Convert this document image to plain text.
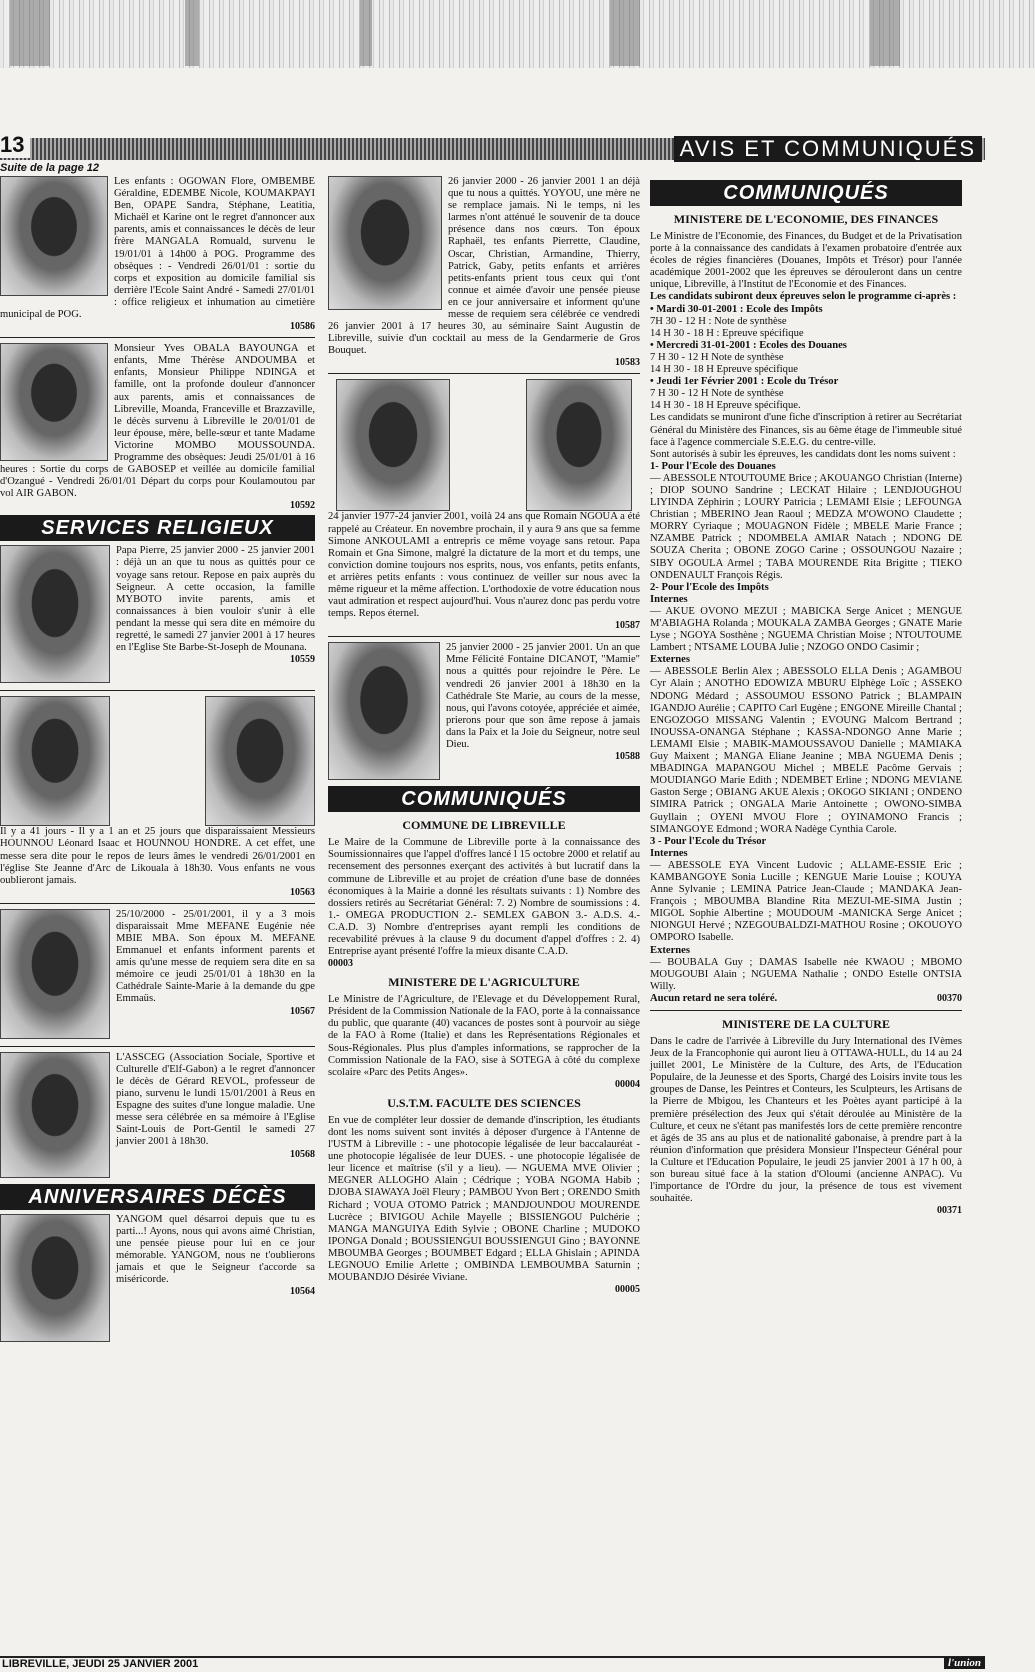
13	AVIS ET COMMUNIQUÉS
Suite de la page 12

Les enfants : OGOWAN Flore, OMBEMBE Géraldine, EDEMBE Nicole, KOUMAKPAYI Ben, OPAPE Sandra, Stéphane, Leatitia, Michaël et Karine ont le regret d'annoncer aux parents, amis et connaissances le décès de leur frère MANGALA Romuald, survenu le 19/01/01 à 14h00 à POG. Programme des obsèques : - Vendredi 26/01/01 : sortie du corps et exposition au domicile familial sis derrière l'Ecole Saint André - Samedi 27/01/01 : office religieux et inhumation au cimetière municipal de POG.

10586

Monsieur Yves OBALA BAYOUNGA et enfants, Mme Thérèse ANDOUMBA et enfants, Monsieur Philippe NDINGA et famille, ont la profonde douleur d'annoncer aux parents, amis et connaissances de Libreville, Moanda, Franceville et Brazzaville, le décès survenu à Libreville le 20/01/01 de leur épouse, mère, belle-sœur et tante Madame Victorine MOMBO MOUSSOUNDA. Programme des obsèques: Jeudi 25/01/01 à 16 heures : Sortie du corps de GABOSEP et veillée au domicile familial d'Ozangué - Vendredi 26/01/01 Départ du corps pour Koulamoutou par vol AIR GABON.

10592
SERVICES RELIGIEUX

Papa Pierre, 25 janvier 2000 - 25 janvier 2001 : déjà un an que tu nous as quittés pour ce voyage sans retour. Repose en paix auprès du Seigneur. A cette occasion, la famille MYBOTO invite parents, amis et connaissances à bien vouloir s'unir à elle pendant la messe qui sera dite en mémoire du regretté, le samedi 27 janvier 2001 à 17 heures en l'Eglise Ste Barbe-St-Joseph de Mounana.

10559

Il y a 41 jours - Il y a 1 an et 25 jours que disparaissaient Messieurs HOUNNOU Léonard Isaac et HOUNNOU HONDRE. A cet effet, une messe sera dite pour le repos de leurs âmes le vendredi 26/01/2001 en l'église Ste Jeanne d'Arc de Likouala à 18h30. Vous enfants ne vous oublieront jamais.

10563

25/10/2000 - 25/01/2001, il y a 3 mois disparaissait Mme MEFANE Eugénie née MBIE MBA. Son époux M. MEFANE Emmanuel et enfants informent parents et amis qu'une messe de requiem sera dite en sa mémoire ce jeudi 25/01/01 à 18h30 en la Cathédrale Sainte-Marie à la demande du gpe Emmaüs.

10567

L'ASSCEG (Association Sociale, Sportive et Culturelle d'Elf-Gabon) a le regret d'annoncer le décès de Gérard REVOL, professeur de piano, survenu le lundi 15/01/2001 à Reus en Espagne des suites d'une longue maladie. Une messe sera célébrée en sa mémoire à l'Eglise Saint-Louis de Port-Gentil le samedi 27 janvier 2001 à 18h30.

10568
ANNIVERSAIRES DÉCÈS

YANGOM quel désarroi depuis que tu es parti...! Ayons, nous qui avons aimé Christian, une pensée pieuse pour lui en ce jour mémorable. YANGOM, nous ne t'oublierons jamais et que le Seigneur t'accorde sa miséricorde.

10564

26 janvier 2000 - 26 janvier 2001 1 an déjà que tu nous a quittés. YOYOU, une mère ne se remplace jamais. Ni le temps, ni les larmes n'ont atténué le souvenir de ta douce présence dans nos cœurs. Ton époux Raphaël, tes enfants Pierrette, Claudine, Oscar, Christian, Armandine, Thierry, Patrick, Gaby, petits enfants et arrières petits-enfants prient tous ceux qui t'ont connue et aimée d'avoir une pensée pieuse en ce jour anniversaire et informent qu'une messe de requiem sera célébrée ce vendredi 26 janvier 2001 à 17 heures 30, au séminaire Saint Augustin de Libreville, suivie d'un cocktail au mess de la Gendarmerie de Gros Bouquet.

10583

24 janvier 1977-24 janvier 2001, voilà 24 ans que Romain NGOUA a été rappelé au Créateur. En novembre prochain, il y aura 9 ans que sa femme Simone ANKOULAMI a entrepris ce même voyage sans retour. Papa Romain et Gna Simone, malgré la dictature de la mort et du temps, une conviction domine toujours nos esprits, nous, vos enfants, petits enfants, et arrières petits enfants : vous continuez de veiller sur nous avec la même rigueur et la même affection. L'orthodoxie de votre éducation nous vaut admiration et respect aujourd'hui. Vous n'aurez donc pas perdu votre temps. Repos éternel.

10587

25 janvier 2000 - 25 janvier 2001. Un an que Mme Félicité Fontaine DICANOT, "Mamie" nous a quittés pour rejoindre le Père. Le vendredi 26 janvier 2001 à 18h30 en la Cathédrale Ste Marie, au cours de la messe, nous, qui l'avons cotoyée, appréciée et aimée, prierons pour que son âme repose à jamais dans la Paix et la Joie du Seigneur, notre seul Dieu.

10588
COMMUNIQUÉS
COMMUNE DE LIBREVILLE

Le Maire de la Commune de Libreville porte à la connaissance des Soumissionnaires que l'appel d'offres lancé l 15 octobre 2000 et relatif au recensement des personnes exerçant des activités à but lucratif dans la commune de Libreville et au projet de création d'une base de données économiques à la Mairie a donné les résultats suivants : 1) Nombre des dossiers retirés au Secrétariat Général: 7. 2) Nombre de soumissions : 4. 1.- OMEGA PRODUCTION 2.- SEMLEX GABON 3.- A.D.S. 4.- C.A.D. 3) Nombre d'entreprises ayant rempli les conditions de recevabilité prévues à la clause 9 du document d'appel d'offres : 2. 4) Entreprise ayant présenté l'offre la mieux disante C.A.D.

00003
MINISTERE DE L'AGRICULTURE

Le Ministre de l'Agriculture, de l'Elevage et du Développement Rural, Président de la Commission Nationale de la FAO, porte à la connaissance du public, que quarante (40) vacances de postes sont à pourvoir au siège de la FAO à Rome (Italie) et dans les Représentations Régionales et Sous-Régionales. Plus plus d'amples informations, se rapprocher de la Commission Nationale de la FAO, sise à SOTEGA à côté du complexe scolaire «Parc des Petits Anges».

00004
U.S.T.M. FACULTE DES SCIENCES

En vue de compléter leur dossier de demande d'inscription, les étudiants dont les noms suivent sont invités à déposer d'urgence à l'Antenne de l'USTM à Libreville : - une photocopie légalisée de leur baccalauréat - une photocopie légalisée de leur DUES. - une photocopie légalisée de leur licence et maîtrise (s'il y a lieu). — NGUEMA MVE Olivier ; MEGNER ALLOGHO Alain ; Cédrique ; YOBA NGOMA Habib ; DJOBA SIAWAYA Joël Fleury ; PAMBOU Yvon Bert ; ORENDO Smith Richard ; VOUA OTOMO Patrick ; MANDJOUNDOU MOURENDE Lucrèce ; BIVIGOU Achile Mayelle ; BISSIENGOU Pulchérie ; MANGA MANGUIYA Edith Sylvie ; OBONE Charline ; MUDOKO IPONGA Donald ; BOUSSIENGUI BOUSSIENGUI Gino ; BAYONNE MBOUMBA Georges ; BOUMBET Edgard ; ELLA Ghislain ; APINDA LEGNOUO Emilie Arlette ; OMBINDA LEMBOUMBA Saturnin ; MOUBANDJO Désirée Viviane.

00005
COMMUNIQUÉS
MINISTERE DE L'ECONOMIE, DES FINANCES

Le Ministre de l'Economie, des Finances, du Budget et de la Privatisation porte à la connaissance des candidats à l'examen probatoire d'entrée aux écoles de régies financières (Douanes, Impôts et Trésor) pour l'année académique 2001-2002 que les épreuves se dérouleront dans un centre unique, Libreville, à l'Institut de l'Economie et des Finances.

Les candidats subiront deux épreuves selon le programme ci-après :

• Mardi 30-01-2001 : Ecole des Impôts

7H 30 - 12 H : Note de synthèse

14 H 30 - 18 H : Epreuve spécifique

• Mercredi 31-01-2001 : Ecoles des Douanes

7 H 30 - 12 H Note de synthèse

14 H 30 - 18 H Epreuve spécifique

• Jeudi 1er Février 2001 : Ecole du Trésor

7 H 30 - 12 H Note de synthèse

14 H 30 - 18 H Epreuve spécifique.

Les candidats se muniront d'une fiche d'inscription à retirer au Secrétariat Général du Ministère des Finances, sis au 6ème étage de l'immeuble situé face à l'agence commerciale S.E.E.G. du centre-ville.

Sont autorisés à subir les épreuves, les candidats dont les noms suivent :

1- Pour l'Ecole des Douanes

— ABESSOLE NTOUTOUME Brice ; AKOUANGO Christian (Interne) ; DIOP SOUNO Sandrine ; LECKAT Hilaire ; LENDJOUGHOU LIYINDA Zéphirin ; LOURY Patricia ; LEMAMI Elsie ; LEFOUNGA Christian ; MBERINO Jean Raoul ; MEDZA M'OWONO Claudette ; MORRY Cyriaque ; MOUAGNON Fidèle ; MBELE Marie France ; NZAMBE Patrick ; NDOMBELA AMIAR Natach ; NDONG DE SOUZA Cherita ; OBONE ZOGO Carine ; OSSOUNGOU Nazaire ; SIBY OGOULA Armel ; TABA MOURENDE Rita Brigitte ; TIEKO ONDENAULT François Régis.

2- Pour l'Ecole des Impôts

Internes

— AKUE OVONO MEZUI ; MABICKA Serge Anicet ; MENGUE M'ABIAGHA Rolanda ; MOUKALA ZAMBA Georges ; GNATE Marie Lyse ; NGOYA Sosthène ; NGUEMA Christian Moise ; NTOUTOUME Lambert ; NTSAME LOUBA Julie ; NZOGO ONDO Casimir ;

Externes

— ABESSOLE Berlin Alex ; ABESSOLO ELLA Denis ; AGAMBOU Cyr Alain ; ANOTHO EDOWIZA MBURU Elphège Loïc ; ASSEKO NDONG Médard ; ASSOUMOU ESSONO Patrick ; BLAMPAIN IGANDJO Aurélie ; CAPITO Carl Eugène ; ENGONE Mireille Chantal ; ENGOZOGO MISSANG Valentin ; EVOUNG Malcom Bertrand ; INOUSSA-ONANGA Stéphane ; KASSA-NDONGO Anne Marie ; LEMAMI Elsie ; MABIK-MAMOUSSAVOU Danielle ; MAMIAKA Guy Maixent ; MANGA Eliane Jeanine ; MBA NGUEMA Denis ; MBADINGA MAPANGOU Michel ; MBELE Pacôme Gervais ; MOUDIANGO Marie Edith ; NDEMBET Erline ; NDONG MEVIANE Gaston Serge ; OBIANG AKUE Alexis ; OKOGO SIKIANI ; ONDENO SIMIRA Patrick ; ONGALA Marie Antoinette ; OWONO-SIMBA Guyllain ; OYENI MVOU Flore ; OYINAMONO Francis ; SIMANGOYE Edmond ; WORA Nadège Cynthia Carole.

3 - Pour l'Ecole du Trésor

Internes

— ABESSOLE EYA Vincent Ludovic ; ALLAME-ESSIE Eric ; KAMBANGOYE Sonia Lucille ; KENGUE Marie Louise ; KOUYA Anne Sylvanie ; LEMINA Patrice Jean-Claude ; MANDAKA Jean-François ; MBOUMBA Blandine Rita MEZUI-ME-SIMA Justin ; MIGOL Sophie Albertine ; MOUDOUM -MANICKA Serge Anicet ; NIONGUI Hervé ; NZEGOUBALDZI-MATHOU Rosine ; OKOUOYO OMPORO Isabelle.

Externes

— BOUBALA Guy ; DAMAS Isabelle née KWAOU ; MBOMO MOUGOUBI Alain ; NGUEMA Nathalie ; ONDO Estelle ONTSIA Willy.

Aucun retard ne sera toléré.	00370
MINISTERE DE LA CULTURE

Dans le cadre de l'arrivée à Libreville du Jury International des IVèmes Jeux de la Francophonie qui auront lieu à OTTAWA-HULL, du 14 au 24 juillet 2001, Le Ministère de la Culture, des Arts, de l'Education Populaire, de la Jeunesse et des Sports, Chargé des Loisirs invite tous les groupes de Danse, les Peintres et Conteurs, les Sculpteurs, les Artisans de la Pierre de Mbigou, les Chanteurs et les Poètes ayant participé à la première présélection des Jeux qui s'était déroulée au Ministère de la Culture, et ceux ne s'étant pas manifestés lors de cette première rencontre et âgés de 35 ans au plus et de nationalité gabonaise, à prendre part à la réunion d'information que présidera Monsieur l'Inspecteur Général pour la Culture et l'Education Populaire, le jeudi 25 janvier 2001 à 17 h 00, à son bureau situé face à la station d'Oloumi (ancienne ANPAC). Vu l'importance de l'Ordre du jour, la présence de tous est vivement souhaitée.

00371
LIBREVILLE, JEUDI 25 JANVIER 2001	l'union
